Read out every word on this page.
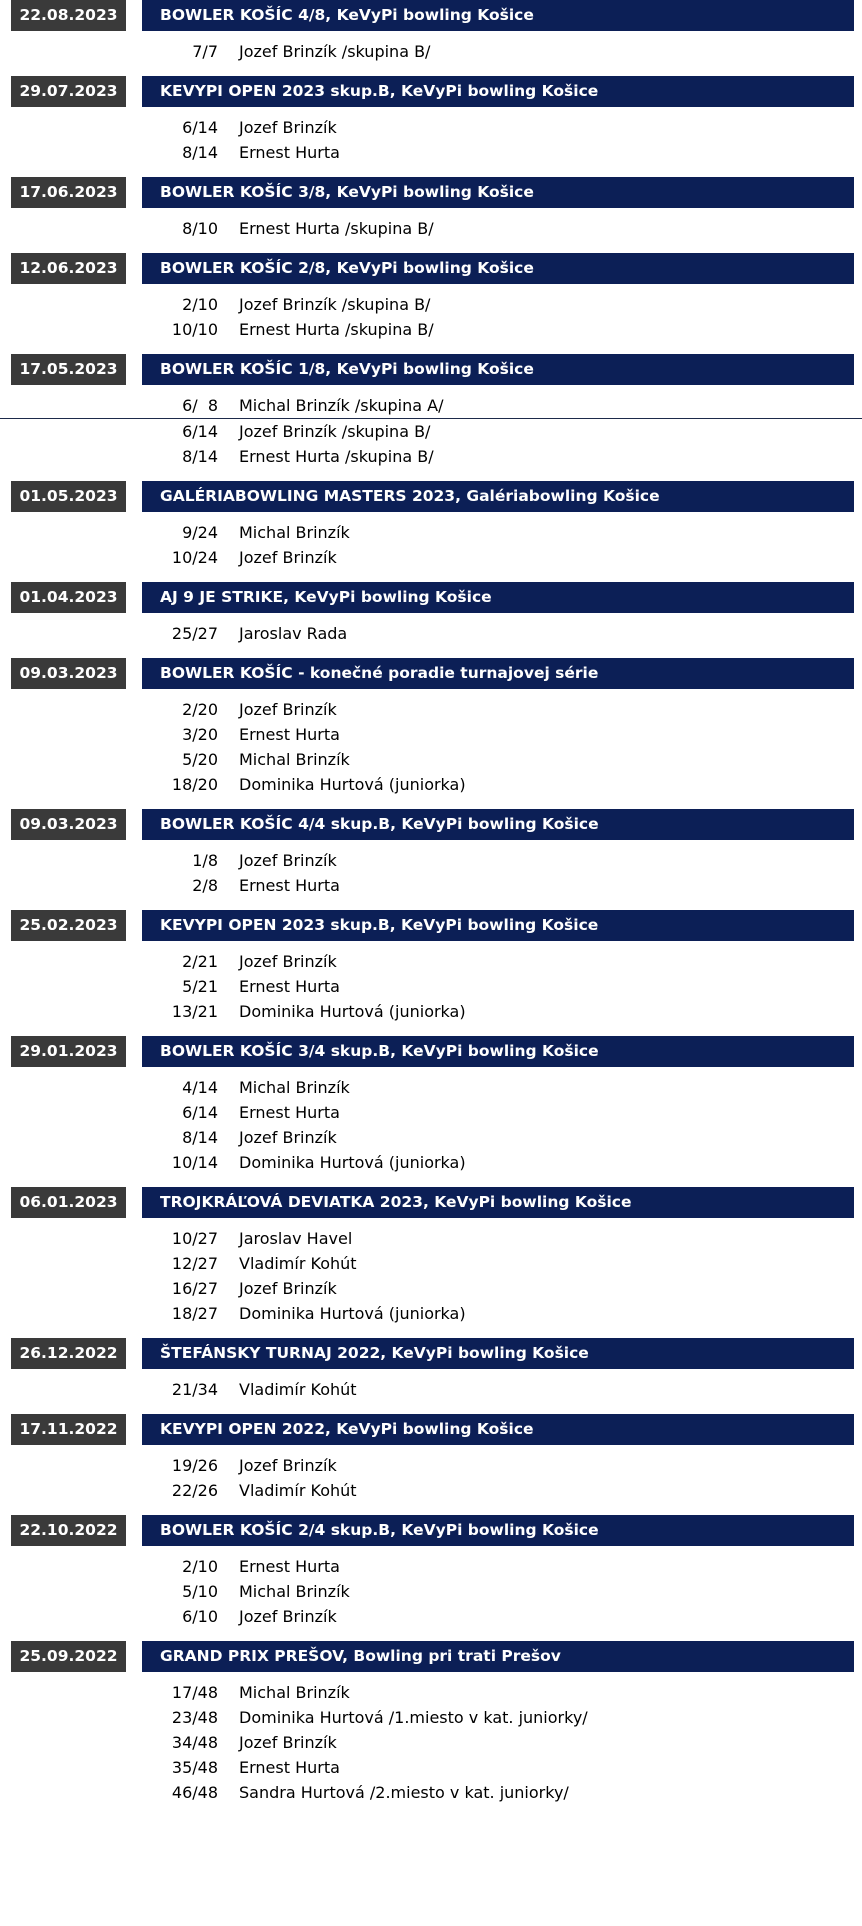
22.08.2023	BOWLER KOŠÍC 4/8, KeVyPi bowling Košice
7/7 Jozef Brinzík /skupina B/
29.07.2023	KEVYPI OPEN 2023 skup.B, KeVyPi bowling Košice
6/14 Jozef Brinzík
8/14 Ernest Hurta
17.06.2023	BOWLER KOŠÍC 3/8, KeVyPi bowling Košice
8/10 Ernest Hurta /skupina B/
12.06.2023	BOWLER KOŠÍC 2/8, KeVyPi bowling Košice
2/10 Jozef Brinzík /skupina B/
10/10 Ernest Hurta /skupina B/
17.05.2023	BOWLER KOŠÍC 1/8, KeVyPi bowling Košice
6/  8 Michal Brinzík /skupina A/
6/14 Jozef Brinzík /skupina B/
8/14 Ernest Hurta /skupina B/
01.05.2023	GALÉRIABOWLING MASTERS 2023, Galériabowling Košice
9/24 Michal Brinzík
10/24 Jozef Brinzík
01.04.2023	AJ 9 JE STRIKE, KeVyPi bowling Košice
25/27 Jaroslav Rada
09.03.2023	BOWLER KOŠÍC - konečné poradie turnajovej série
2/20 Jozef Brinzík
3/20 Ernest Hurta
5/20 Michal Brinzík
18/20 Dominika Hurtová (juniorka)
09.03.2023	BOWLER KOŠÍC 4/4 skup.B, KeVyPi bowling Košice
1/8 Jozef Brinzík
2/8 Ernest Hurta
25.02.2023	KEVYPI OPEN 2023 skup.B, KeVyPi bowling Košice
2/21 Jozef Brinzík
5/21 Ernest Hurta
13/21 Dominika Hurtová (juniorka)
29.01.2023	BOWLER KOŠÍC 3/4 skup.B, KeVyPi bowling Košice
4/14 Michal Brinzík
6/14 Ernest Hurta
8/14 Jozef Brinzík
10/14 Dominika Hurtová (juniorka)
06.01.2023	TROJKRÁĽOVÁ DEVIATKA 2023, KeVyPi bowling Košice
10/27 Jaroslav Havel
12/27 Vladimír Kohút
16/27 Jozef Brinzík
18/27 Dominika Hurtová (juniorka)
26.12.2022	ŠTEFÁNSKY TURNAJ 2022, KeVyPi bowling Košice
21/34 Vladimír Kohút
17.11.2022	KEVYPI OPEN 2022, KeVyPi bowling Košice
19/26 Jozef Brinzík
22/26 Vladimír Kohút
22.10.2022	BOWLER KOŠÍC 2/4 skup.B, KeVyPi bowling Košice
2/10 Ernest Hurta
5/10 Michal Brinzík
6/10 Jozef Brinzík
25.09.2022	GRAND PRIX PREŠOV, Bowling pri trati Prešov
17/48 Michal Brinzík
23/48 Dominika Hurtová /1.miesto v kat. juniorky/
34/48 Jozef Brinzík
35/48 Ernest Hurta
46/48 Sandra Hurtová /2.miesto v kat. juniorky/
